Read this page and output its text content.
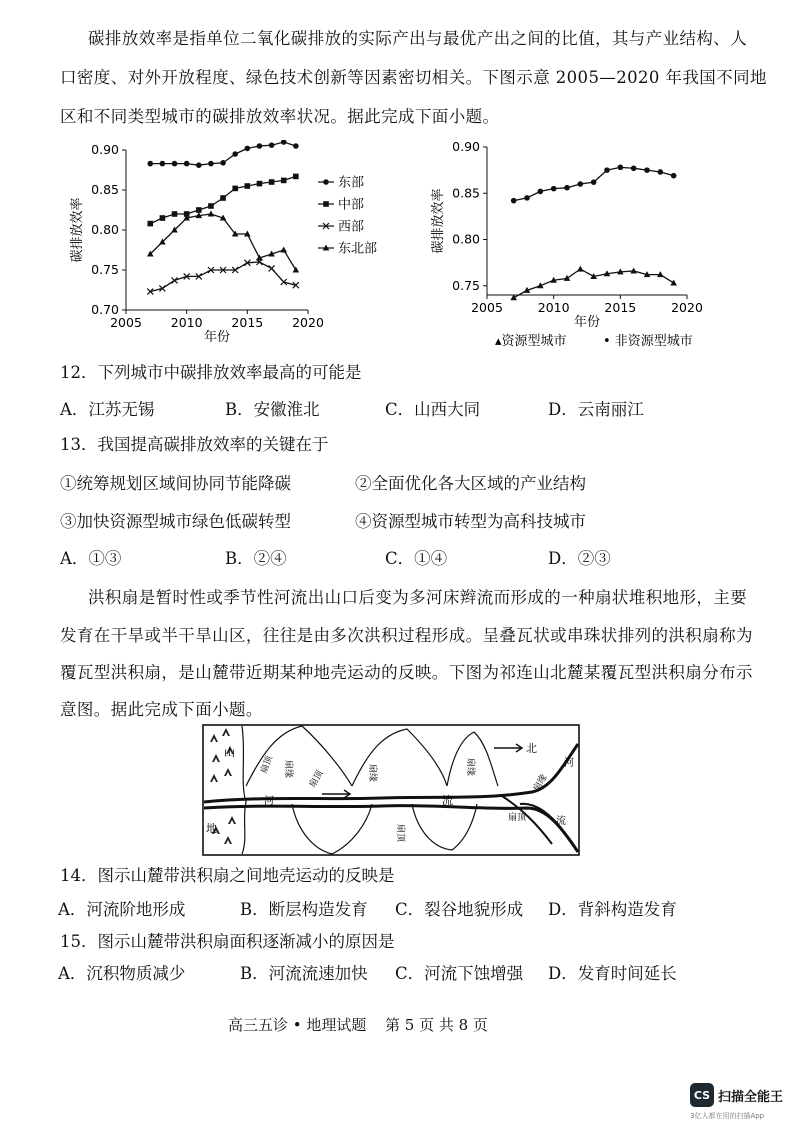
碳排放效率是指单位二氧化碳排放的实际产出与最优产出之间的比值，其与产业结构、人
口密度、对外开放程度、绿色技术创新等因素密切相关。下图示意 2005—2020 年我国不同地
区和不同类型城市的碳排放效率状况。据此完成下面小题。
0.70
0.75
0.80
0.85
0.90
2005 2010 2015 2020
年份
碳排放效率
东部
中部
西部
东北部
0.75
0.80
0.85
0.90
2005	2010	2015	2020
年份
碳排放效率
▴资源型城市	• 非资源型城市
12．下列城市中碳排放效率最高的可能是
A．江苏无锡	B．安徽淮北	C．山西大同	D．云南丽江
13．我国提高碳排放效率的关键在于
①统筹规划区域间协同节能降碳	②全面优化各大区域的产业结构
③加快资源型城市绿色低碳转型	④资源型城市转型为高科技城市
A．①③	B．②④	C．①④	D．②③
洪积扇是暂时性或季节性河流出山口后变为多河床辫流而形成的一种扇状堆积地形，主要
发育在干旱或半干旱山区，往往是由多次洪积过程形成。呈叠瓦状或串珠状排列的洪积扇称为
覆瓦型洪积扇，是山麓带近期某种地壳运动的反映。下图为祁连山北麓某覆瓦型洪积扇分布示
意图。据此完成下面小题。
山
地
北
河	流
河
流
扇顶
扇顶
扇顶
扇顶
扇缘	扇缘	扇缘
扇缘
14．图示山麓带洪积扇之间地壳运动的反映是
A．河流阶地形成	B．断层构造发育 C．裂谷地貌形成 D．背斜构造发育
15．图示山麓带洪积扇面积逐渐减小的原因是
A．沉积物质减少	B．河流流速加快 C．河流下蚀增强 D．发育时间延长
高三五诊 • 地理试题 第 5 页 共 8 页
CS 扫描全能王
3亿人都在用的扫描App
